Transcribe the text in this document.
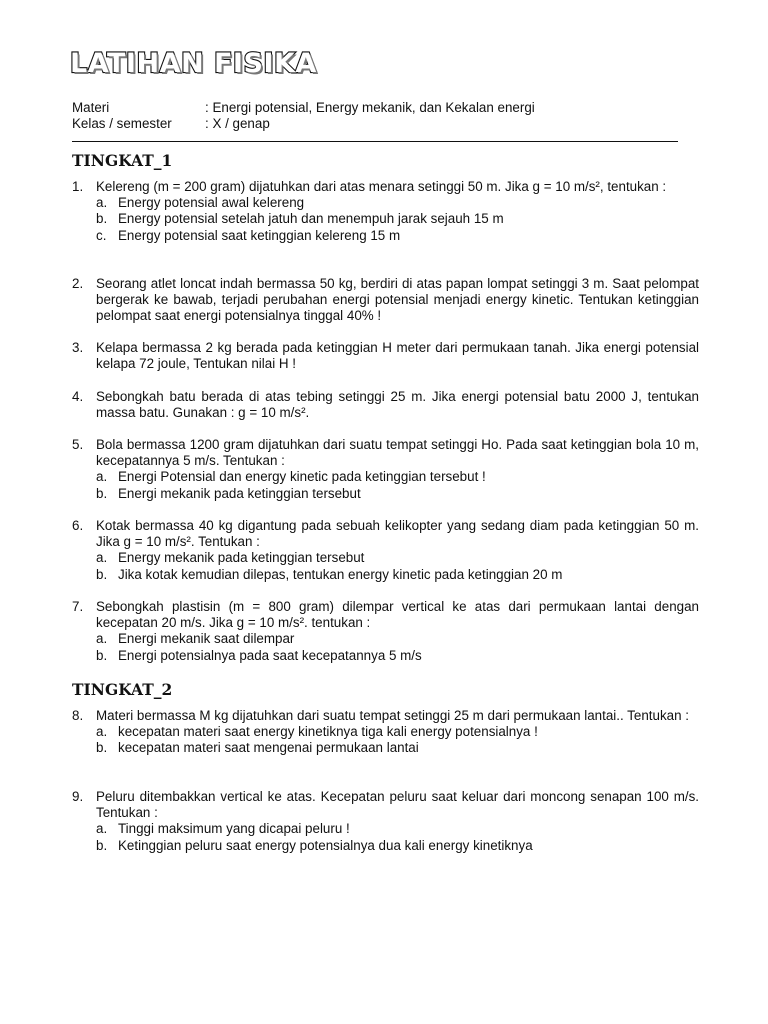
LATIHAN FISIKA
Materi	: Energi potensial, Energy mekanik, dan Kekalan energi
Kelas / semester : X / genap
TINGKAT_1
1. Kelereng (m = 200 gram) dijatuhkan dari atas menara setinggi 50 m. Jika g = 10 m/s², tentukan :
a. Energy potensial awal kelereng
b. Energy potensial setelah jatuh dan menempuh jarak sejauh 15 m
c. Energy potensial saat ketinggian kelereng 15 m
2. Seorang atlet loncat indah bermassa 50 kg, berdiri di atas papan lompat setinggi 3 m. Saat pelompat bergerak ke bawab, terjadi perubahan energi potensial menjadi energy kinetic. Tentukan ketinggian pelompat saat energi potensialnya tinggal 40% !
3. Kelapa bermassa 2 kg berada pada ketinggian H meter dari permukaan tanah. Jika energi potensial kelapa 72 joule, Tentukan nilai H !
4. Sebongkah batu berada di atas tebing setinggi 25 m. Jika energi potensial batu 2000 J, tentukan massa batu. Gunakan : g = 10 m/s².
5. Bola bermassa 1200 gram dijatuhkan dari suatu tempat setinggi Ho. Pada saat ketinggian bola 10 m, kecepatannya 5 m/s. Tentukan :
a. Energi Potensial dan energy kinetic pada ketinggian tersebut !
b. Energi mekanik pada ketinggian tersebut
6. Kotak bermassa 40 kg digantung pada sebuah kelikopter yang sedang diam pada ketinggian 50 m. Jika g = 10 m/s². Tentukan :
a. Energy mekanik pada ketinggian tersebut
b. Jika kotak kemudian dilepas, tentukan energy kinetic pada ketinggian 20 m
7. Sebongkah plastisin (m = 800 gram) dilempar vertical ke atas dari permukaan lantai dengan kecepatan 20 m/s. Jika g = 10 m/s². tentukan :
a. Energi mekanik saat dilempar
b. Energi potensialnya pada saat kecepatannya 5 m/s
TINGKAT_2
8. Materi bermassa M kg dijatuhkan dari suatu tempat setinggi 25 m dari permukaan lantai.. Tentukan :
a. kecepatan materi saat energy kinetiknya tiga kali energy potensialnya !
b. kecepatan materi saat mengenai permukaan lantai
9. Peluru ditembakkan vertical ke atas. Kecepatan peluru saat keluar dari moncong senapan 100 m/s. Tentukan :
a. Tinggi maksimum yang dicapai peluru !
b. Ketinggian peluru saat energy potensialnya dua kali energy kinetiknya
